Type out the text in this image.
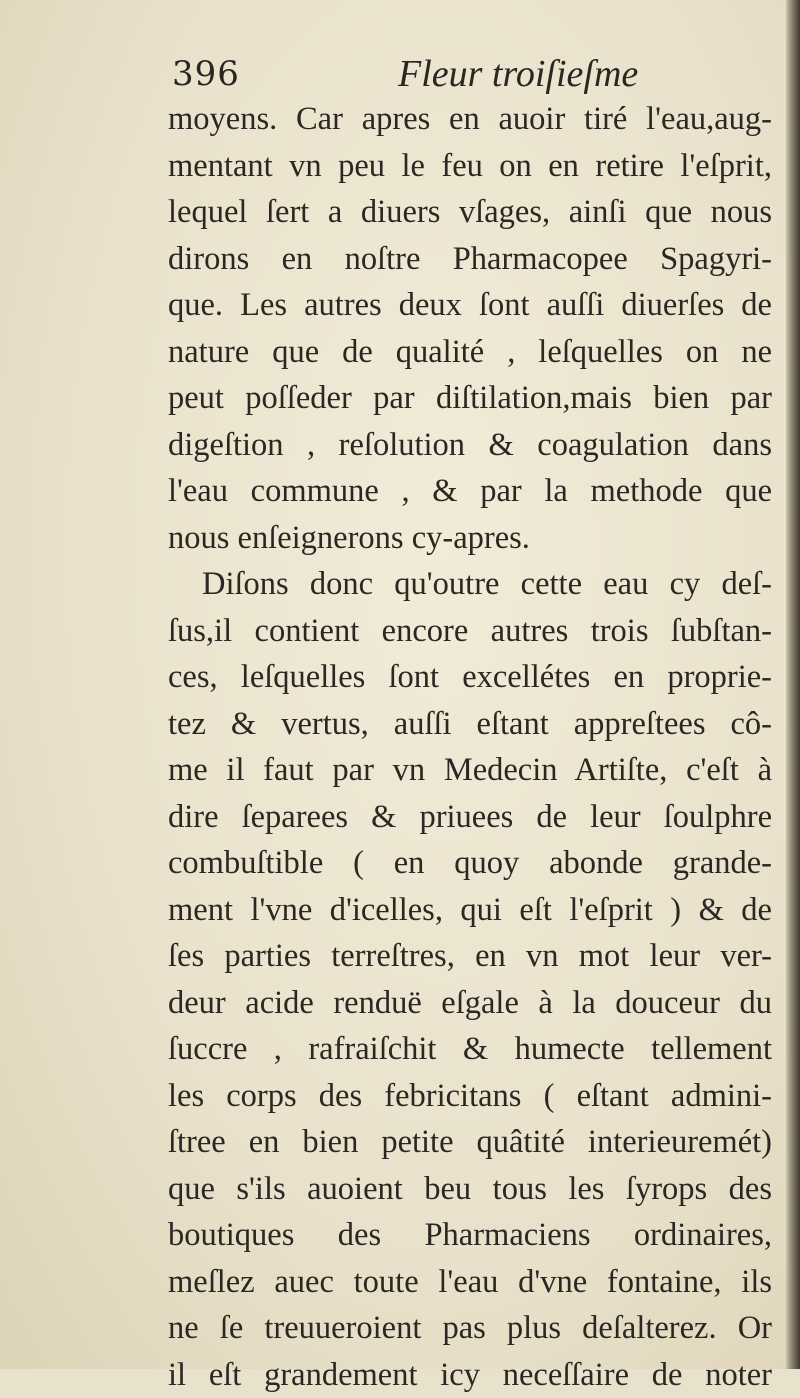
396	Fleur troiſieſme
moyens. Car apres en auoir tiré l'eau,aug-
mentant vn peu le feu on en retire l'eſprit,
lequel ſert a diuers vſages, ainſi que nous
dirons en noſtre Pharmacopee Spagyri-
que. Les autres deux ſont auſſi diuerſes de
nature que de qualité , leſquelles on ne
peut poſſeder par diſtilation,mais bien par
digeſtion , reſolution & coagulation dans
l'eau commune , & par la methode que
nous enſeignerons cy-apres.
Diſons donc qu'outre cette eau cy deſ-
ſus,il contient encore autres trois ſubſtan-
ces, leſquelles ſont excellétes en proprie-
tez & vertus, auſſi eſtant appreſtees cô-
me il faut par vn Medecin Artiſte, c'eſt à
dire ſeparees & priuees de leur ſoulphre
combuſtible ( en quoy abonde grande-
ment l'vne d'icelles, qui eſt l'eſprit ) & de
ſes parties terreſtres, en vn mot leur ver-
deur acide renduë eſgale à la douceur du
ſuccre , rafraiſchit & humecte tellement
les corps des febricitans ( eſtant admini-
ſtree en bien petite quâtité interieuremét)
que s'ils auoient beu tous les ſyrops des
boutiques des Pharmaciens ordinaires,
meſlez auec toute l'eau d'vne fontaine, ils
ne ſe treuueroient pas plus deſalterez. Or
il eſt grandement icy neceſſaire de noter
